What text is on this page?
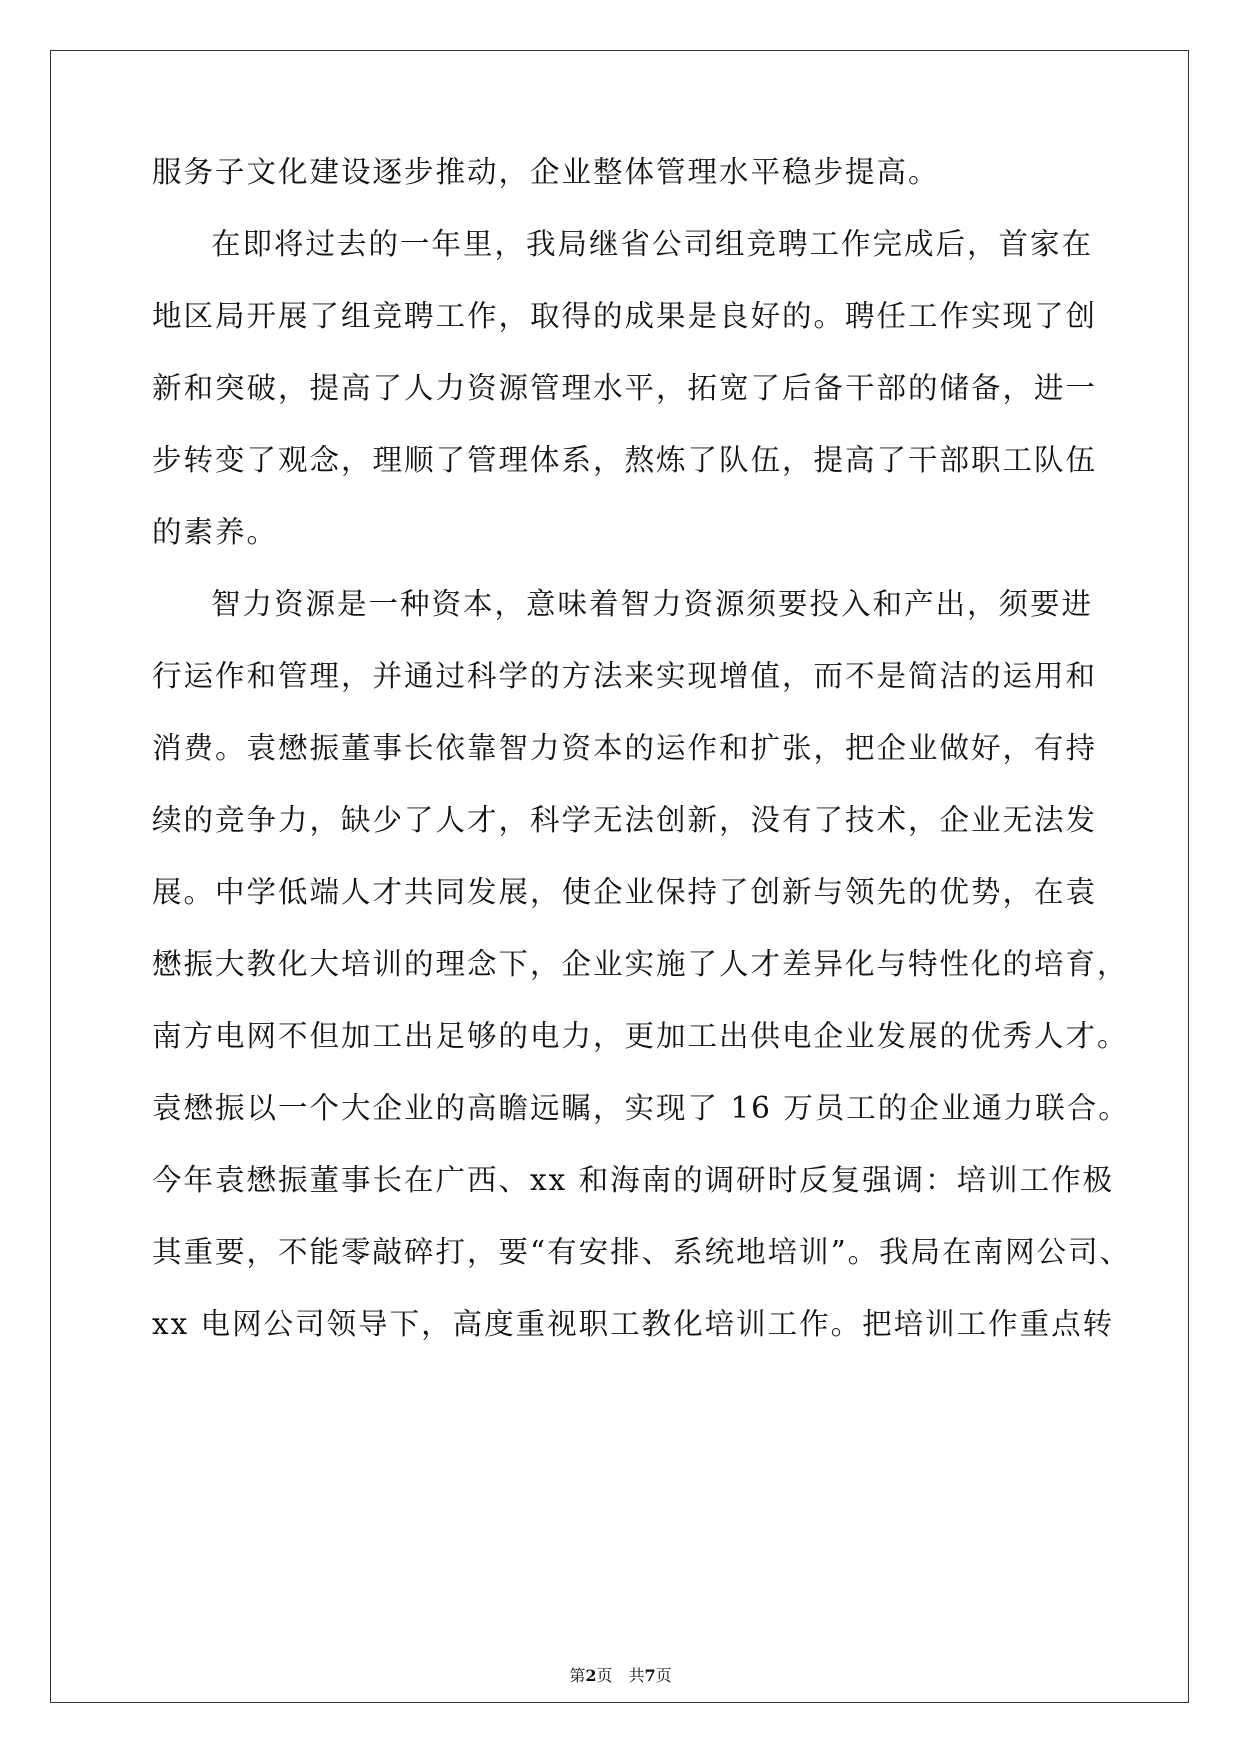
服务子文化建设逐步推动，企业整体管理水平稳步提高。
在即将过去的一年里，我局继省公司组竞聘工作完成后，首家在
地区局开展了组竞聘工作，取得的成果是良好的。聘任工作实现了创
新和突破，提高了人力资源管理水平，拓宽了后备干部的储备，进一
步转变了观念，理顺了管理体系，熬炼了队伍，提高了干部职工队伍
的素养。
智力资源是一种资本，意味着智力资源须要投入和产出，须要进
行运作和管理，并通过科学的方法来实现增值，而不是简洁的运用和
消费。袁懋振董事长依靠智力资本的运作和扩张，把企业做好，有持
续的竞争力，缺少了人才，科学无法创新，没有了技术，企业无法发
展。中学低端人才共同发展，使企业保持了创新与领先的优势，在袁
懋振大教化大培训的理念下，企业实施了人才差异化与特性化的培育，
南方电网不但加工出足够的电力，更加工出供电企业发展的优秀人才。
袁懋振以一个大企业的高瞻远瞩，实现了 16 万员工的企业通力联合。
今年袁懋振董事长在广西、xx 和海南的调研时反复强调：培训工作极
其重要，不能零敲碎打，要“有安排、系统地培训”。我局在南网公司、
xx 电网公司领导下，高度重视职工教化培训工作。把培训工作重点转
第2页 共7页
